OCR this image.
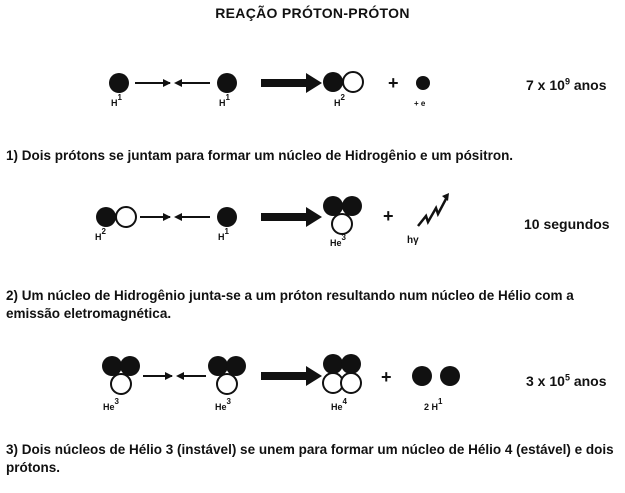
REAÇÃO PRÓTON-PRÓTON
+
H1
H1
H2
+ e
+
H2
H1
He3	hγ
+
He3
He3
He4
2 H1
7 x $10^9$ anos
10 segundos
3 x $10^5$ anos
1) Dois prótons se juntam para formar um núcleo de Hidrogênio e um pósitron.
2) Um núcleo de Hidrogênio junta-se a um próton resultando num núcleo de Hélio com a emissão eletromagnética.
3) Dois núcleos de Hélio 3 (instável) se unem para formar um núcleo de Hélio 4 (estável) e dois prótons.
